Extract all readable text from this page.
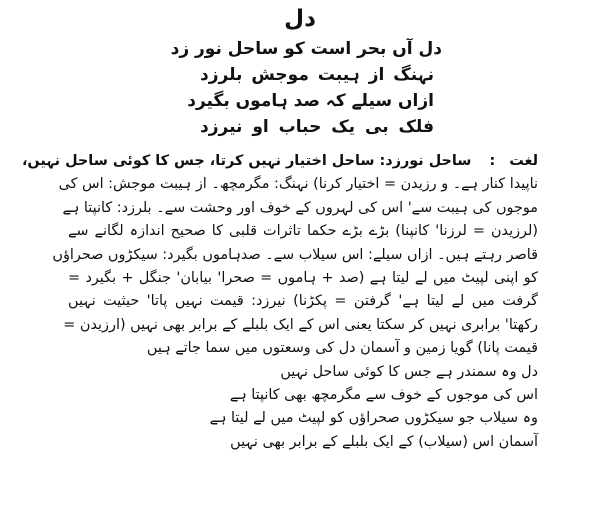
دل
دل آں بحر است کو ساحل نور زد
نہنگ از ہیبت موجش بلرزد
ازاں سیلے کہ صد ہاموں بگیرد
فلک بی یک حباب او نیرزد
لغت:ساحل نورزد: ساحل اختیار نہیں کرتا، جس کا کوئی ساحل نہیں،
ناپیدا کنار ہے۔ و رزیدن = اختیار کرنا) نہنگ: مگرمچھ۔ از ہیبت موجش: اس کی
موجوں کی ہیبت سے' اس کی لہروں کے خوف اور وحشت سے۔ بلرزد: کانپتا ہے
(لرزیدن = لرزنا' کانپنا) بڑے بڑے حکما تاثرات قلبی کا صحیح اندازہ لگانے سے
قاصر رہتے ہیں۔ ازاں سیلے: اس سیلاب سے۔ صدہاموں بگیرد: سیکڑوں صحراؤں
کو اپنی لپیٹ میں لے لیتا ہے (صد + ہاموں = صحرا' بیابان' جنگل + بگیرد =
گرفت میں لے لیتا ہے' گرفتن = پکڑنا) نیرزد: قیمت نہیں پاتا' حیثیت نہیں
رکھتا' برابری نہیں کر سکتا یعنی اس کے ایک بلبلے کے برابر بھی نہیں (ارزیدن =
قیمت پانا) گویا زمین و آسمان دل کی وسعتوں میں سما جاتے ہیں
دل وہ سمندر ہے جس کا کوئی ساحل نہیں
اس کی موجوں کے خوف سے مگرمچھ بھی کانپتا ہے
وہ سیلاب جو سیکڑوں صحراؤں کو لپیٹ میں لے لیتا ہے
آسمان اس (سیلاب) کے ایک بلبلے کے برابر بھی نہیں
